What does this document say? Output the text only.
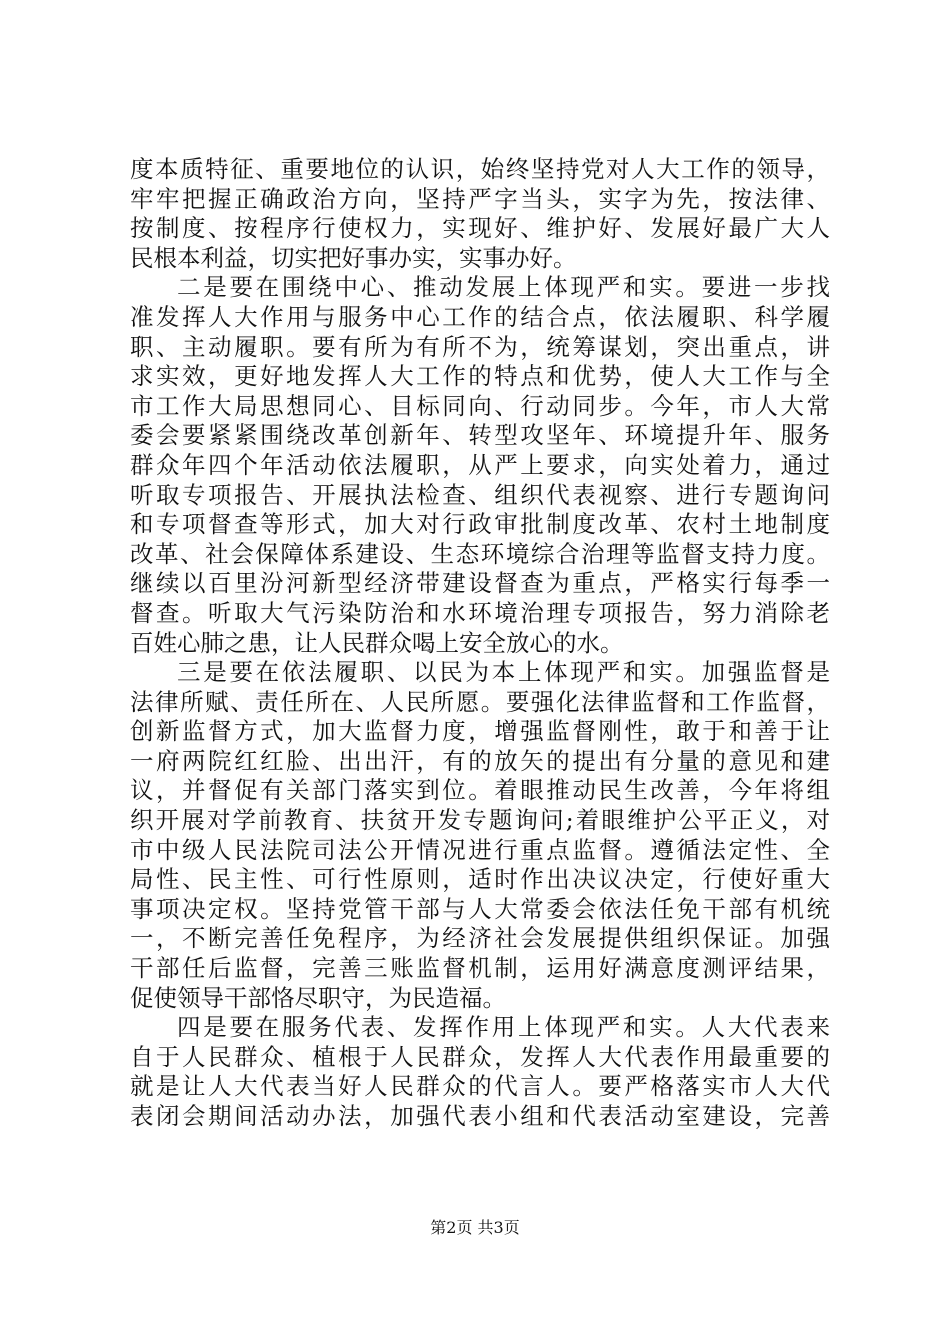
度本质特征、重要地位的认识，始终坚持党对人大工作的领导，
牢牢把握正确政治方向，坚持严字当头，实字为先，按法律、
按制度、按程序行使权力，实现好、维护好、发展好最广大人
民根本利益，切实把好事办实，实事办好。
二是要在围绕中心、推动发展上体现严和实。要进一步找
准发挥人大作用与服务中心工作的结合点，依法履职、科学履
职、主动履职。要有所为有所不为，统筹谋划，突出重点，讲
求实效，更好地发挥人大工作的特点和优势，使人大工作与全
市工作大局思想同心、目标同向、行动同步。今年，市人大常
委会要紧紧围绕改革创新年、转型攻坚年、环境提升年、服务
群众年四个年活动依法履职，从严上要求，向实处着力，通过
听取专项报告、开展执法检查、组织代表视察、进行专题询问
和专项督查等形式，加大对行政审批制度改革、农村土地制度
改革、社会保障体系建设、生态环境综合治理等监督支持力度。
继续以百里汾河新型经济带建设督查为重点，严格实行每季一
督查。听取大气污染防治和水环境治理专项报告，努力消除老
百姓心肺之患，让人民群众喝上安全放心的水。
三是要在依法履职、以民为本上体现严和实。加强监督是
法律所赋、责任所在、人民所愿。要强化法律监督和工作监督，
创新监督方式，加大监督力度，增强监督刚性，敢于和善于让
一府两院红红脸、出出汗，有的放矢的提出有分量的意见和建
议，并督促有关部门落实到位。着眼推动民生改善，今年将组
织开展对学前教育、扶贫开发专题询问;着眼维护公平正义，对
市中级人民法院司法公开情况进行重点监督。遵循法定性、全
局性、民主性、可行性原则，适时作出决议决定，行使好重大
事项决定权。坚持党管干部与人大常委会依法任免干部有机统
一，不断完善任免程序，为经济社会发展提供组织保证。加强
干部任后监督，完善三账监督机制，运用好满意度测评结果，
促使领导干部恪尽职守，为民造福。
四是要在服务代表、发挥作用上体现严和实。人大代表来
自于人民群众、植根于人民群众，发挥人大代表作用最重要的
就是让人大代表当好人民群众的代言人。要严格落实市人大代
表闭会期间活动办法，加强代表小组和代表活动室建设，完善
第2页 共3页
